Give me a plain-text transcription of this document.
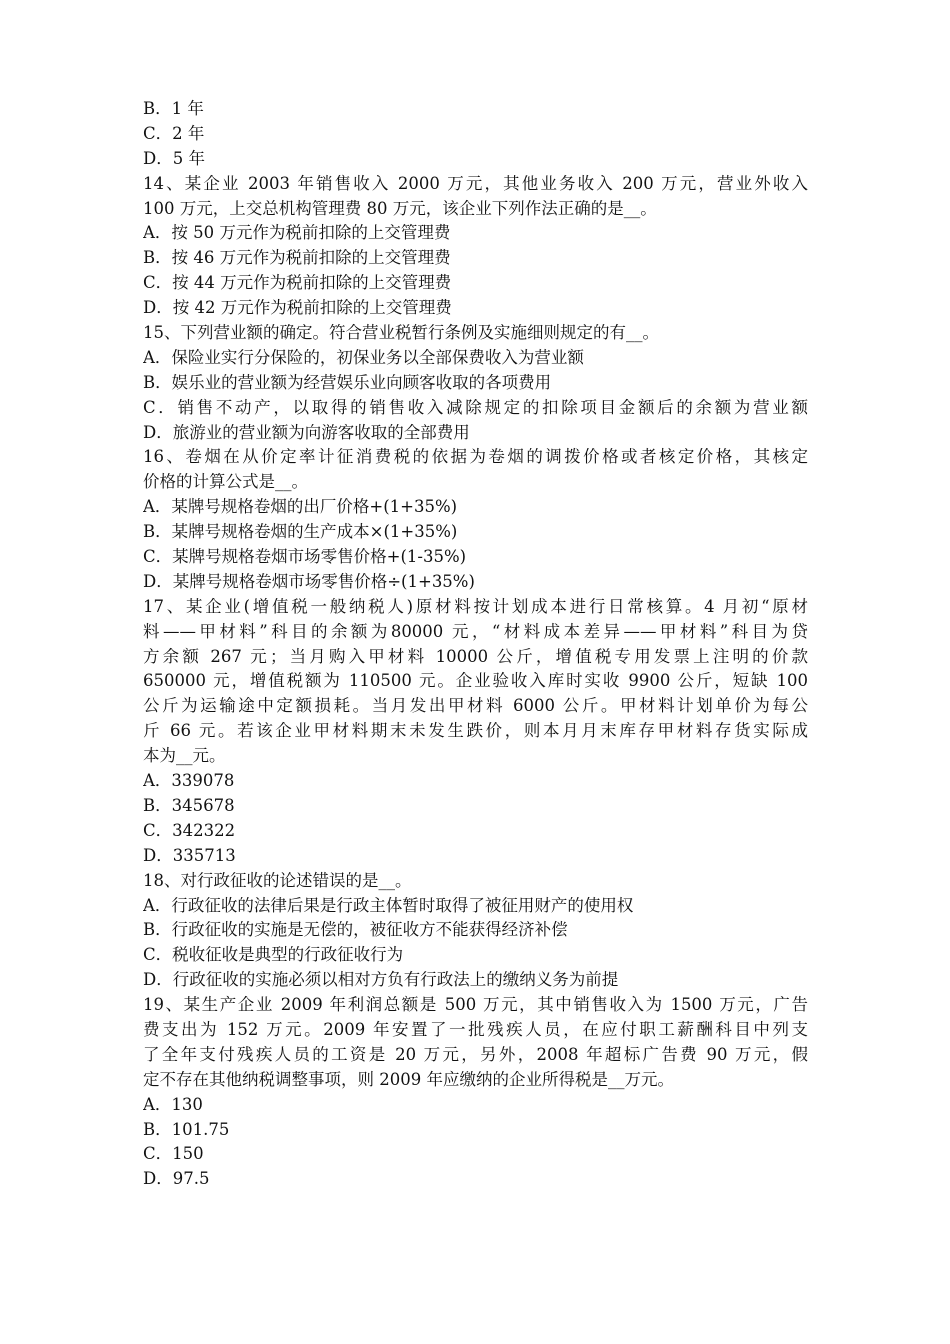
B．1 年
C．2 年
D．5 年
14、某企业 2003 年销售收入 2000 万元，其他业务收入 200 万元，营业外收入
100 万元，上交总机构管理费 80 万元，该企业下列作法正确的是__。
A．按 50 万元作为税前扣除的上交管理费
B．按 46 万元作为税前扣除的上交管理费
C．按 44 万元作为税前扣除的上交管理费
D．按 42 万元作为税前扣除的上交管理费
15、下列营业额的确定。符合营业税暂行条例及实施细则规定的有__。
A．保险业实行分保险的，初保业务以全部保费收入为营业额
B．娱乐业的营业额为经营娱乐业向顾客收取的各项费用
C．销售不动产，以取得的销售收入减除规定的扣除项目金额后的余额为营业额
D．旅游业的营业额为向游客收取的全部费用
16、卷烟在从价定率计征消费税的依据为卷烟的调拨价格或者核定价格，其核定
价格的计算公式是__。
A．某牌号规格卷烟的出厂价格+(1+35%)
B．某牌号规格卷烟的生产成本×(1+35%)
C．某牌号规格卷烟市场零售价格+(1-35%)
D．某牌号规格卷烟市场零售价格÷(1+35%)
17、某企业(增值税一般纳税人)原材料按计划成本进行日常核算。4 月初“原材
料——甲材料”科目的余额为80000 元，“材料成本差异——甲材料”科目为贷
方余额 267 元；当月购入甲材料 10000 公斤，增值税专用发票上注明的价款
650000 元，增值税额为 110500 元。企业验收入库时实收 9900 公斤，短缺 100
公斤为运输途中定额损耗。当月发出甲材料 6000 公斤。甲材料计划单价为每公
斤 66 元。若该企业甲材料期末未发生跌价，则本月月末库存甲材料存货实际成
本为__元。
A．339078
B．345678
C．342322
D．335713
18、对行政征收的论述错误的是__。
A．行政征收的法律后果是行政主体暂时取得了被征用财产的使用权
B．行政征收的实施是无偿的，被征收方不能获得经济补偿
C．税收征收是典型的行政征收行为
D．行政征收的实施必须以相对方负有行政法上的缴纳义务为前提
19、某生产企业 2009 年利润总额是 500 万元，其中销售收入为 1500 万元，广告
费支出为 152 万元。2009 年安置了一批残疾人员，在应付职工薪酬科目中列支
了全年支付残疾人员的工资是 20 万元，另外，2008 年超标广告费 90 万元，假
定不存在其他纳税调整事项，则 2009 年应缴纳的企业所得税是__万元。
A．130
B．101.75
C．150
D．97.5
